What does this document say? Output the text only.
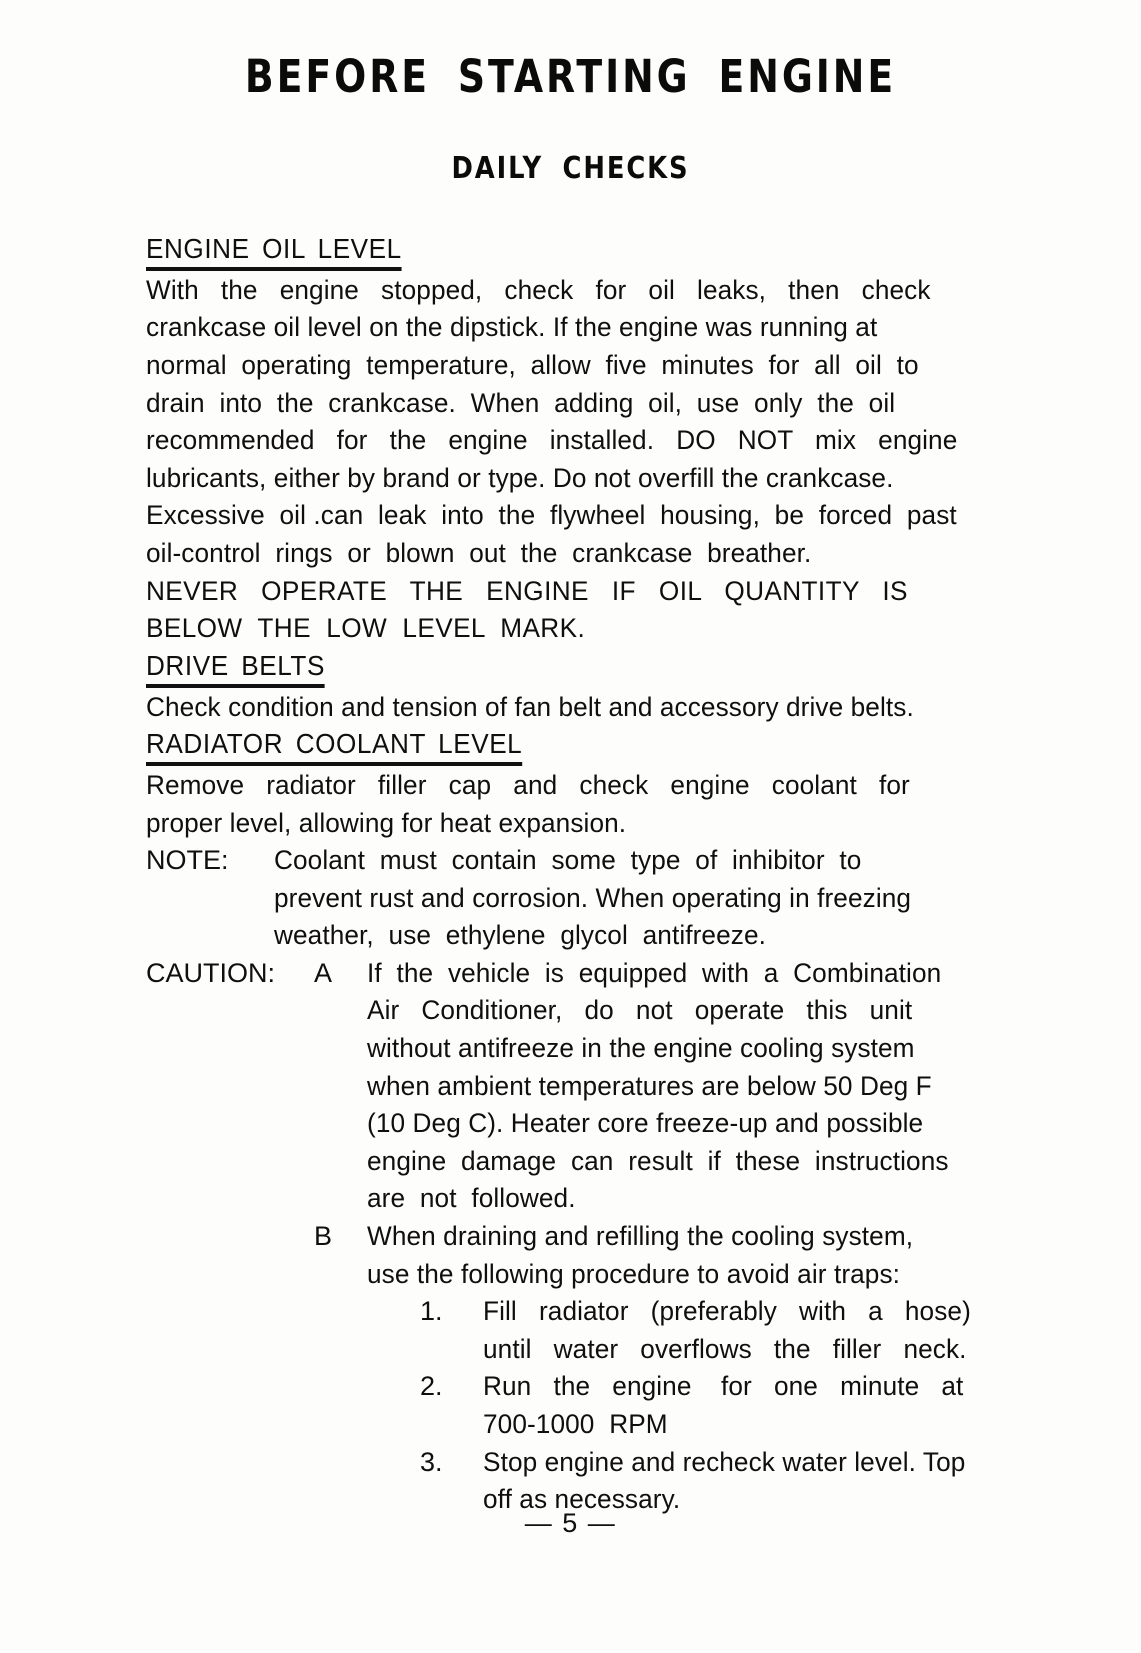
BEFORE STARTING ENGINE
DAILY CHECKS
ENGINE OIL LEVEL

With   the   engine   stopped,   check   for   oil   leaks,   then   check
crankcase oil level on the dipstick. If the engine was running at
normal  operating  temperature,  allow  five  minutes  for  all  oil  to
drain  into  the  crankcase.  When  adding  oil,  use  only  the  oil
recommended   for   the   engine   installed.   DO   NOT   mix   engine
lubricants, either by brand or type. Do not overfill the crankcase.
Excessive  oil .can  leak  into  the  flywheel  housing,  be  forced  past
oil-control  rings  or  blown  out  the  crankcase  breather.

NEVER   OPERATE   THE   ENGINE   IF   OIL   QUANTITY   IS
BELOW  THE  LOW  LEVEL  MARK.

DRIVE BELTS

Check condition and tension of fan belt and accessory drive belts.

RADIATOR COOLANT LEVEL

Remove   radiator   filler   cap   and   check   engine   coolant   for
proper level, allowing for heat expansion.

NOTE:	Coolant  must  contain  some  type  of  inhibitor  to
prevent rust and corrosion. When operating in freezing
weather,  use  ethylene  glycol  antifreeze.

CAUTION:	A	If  the  vehicle  is  equipped  with  a  Combination
Air   Conditioner,   do   not   operate   this   unit
without antifreeze in the engine cooling system
when ambient temperatures are below 50 Deg F
(10 Deg C). Heater core freeze-up and possible
engine  damage  can  result  if  these  instructions
are  not  followed.

B	When draining and refilling the cooling system,
use the following procedure to avoid air traps:

1.	Fill   radiator   (preferably   with   a   hose)
until   water   overflows   the   filler   neck.

2.	Run   the   engine    for   one   minute   at
700-1000  RPM

3.	Stop engine and recheck water level. Top
off as necessary.

— 5 —
